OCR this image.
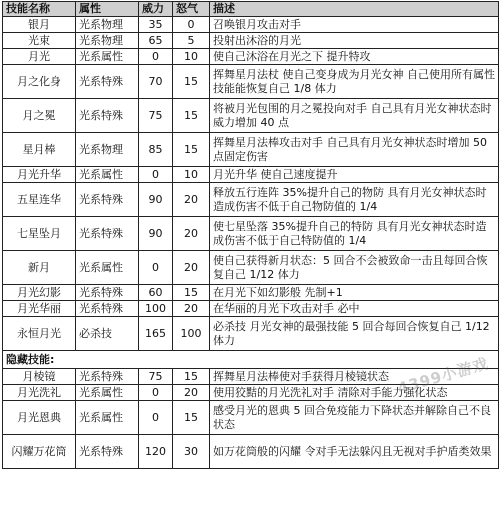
技能名称	属性	威力	怒气	描述
银月	光系物理	35	0	召唤银月攻击对手
光束	光系物理	65	5	投射出沐浴的月光
月光	光系属性	0	10	使自己沐浴在月光之下 提升特攻
月之化身	光系特殊	70	15	挥舞星月法杖 使自己变身成为月光女神 自己使用所有属性技能能恢复自己 1/8 体力
月之冕	光系特殊	75	15	将被月光包围的月之冕投向对手 自己具有月光女神状态时威力增加 40 点
星月棒	光系物理	85	15	挥舞星月法棒攻击对手 自己具有月光女神状态时增加 50 点固定伤害
月光升华	光系属性	0	10	月光升华 使自己速度提升
五星连华	光系特殊	90	20	释放五行连阵 35%提升自己的物防 具有月光女神状态时造成伤害不低于自己物防值的 1/4
七星坠月	光系特殊	90	20	使七星坠落 35%提升自己的特防 具有月光女神状态时造成伤害不低于自己特防值的 1/4
新月	光系属性	0	20	使自己获得新月状态：5 回合不会被致命一击且每回合恢复自己 1/12 体力
月光幻影	光系特殊	60	15	在月光下如幻影般 先制+1
月光华丽	光系特殊	100	20	在华丽的月光下攻击对手 必中
永恒月光	必杀技	165	100	必杀技 月光女神的最强技能 5 回合每回合恢复自己 1/12 体力
隐藏技能:				
月棱镜	光系特殊	75	15	挥舞星月法棒使对手获得月棱镜状态
月光洗礼	光系属性	0	20	使用狡黠的月光洗礼对手 清除对手能力强化状态
月光恩典	光系属性	0	15	感受月光的恩典 5 回合免疫能力下降状态并解除自己不良状态
闪耀万花筒	光系特殊	120	30	如万花筒般的闪耀 令对手无法躲闪且无视对手护盾类效果
4399小游戏
